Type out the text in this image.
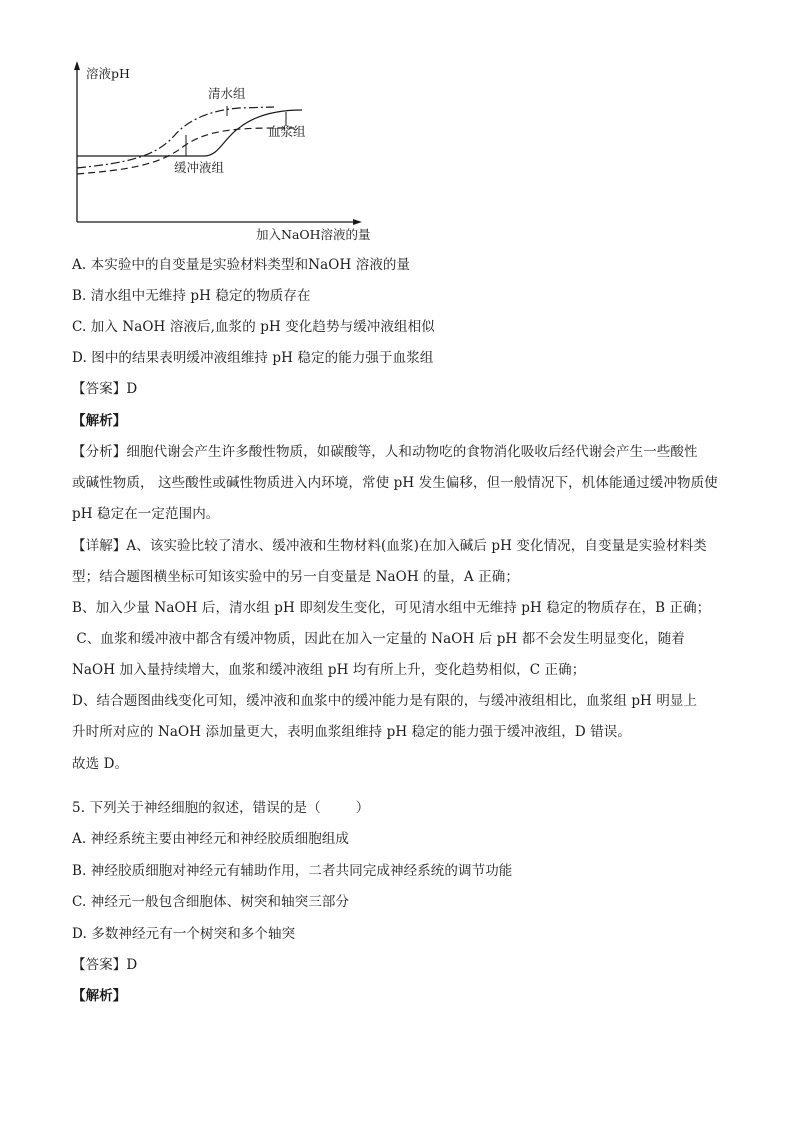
溶液pH
清水组
血浆组
缓冲液组
加入NaOH溶液的量
A. 本实验中的自变量是实验材料类型和NaOH 溶液的量
B. 清水组中无维持 pH 稳定的物质存在
C. 加入 NaOH 溶液后,血浆的 pH 变化趋势与缓冲液组相似
D. 图中的结果表明缓冲液组维持 pH 稳定的能力强于血浆组
【答案】D
【解析】
【分析】细胞代谢会产生许多酸性物质，如碳酸等，人和动物吃的食物消化吸收后经代谢会产生一些酸性
或碱性物质， 这些酸性或碱性物质进入内环境，常使 pH 发生偏移，但一般情况下，机体能通过缓冲物质使
pH 稳定在一定范围内。
【详解】A、该实验比较了清水、缓冲液和生物材料(血浆)在加入碱后 pH 变化情况，自变量是实验材料类
型；结合题图横坐标可知该实验中的另一自变量是 NaOH 的量，A 正确；
B、加入少量 NaOH 后，清水组 pH 即刻发生变化，可见清水组中无维持 pH 稳定的物质存在，B 正确；
C、血浆和缓冲液中都含有缓冲物质，因此在加入一定量的 NaOH 后 pH 都不会发生明显变化，随着
NaOH 加入量持续增大，血浆和缓冲液组 pH 均有所上升，变化趋势相似，C 正确；
D、结合题图曲线变化可知，缓冲液和血浆中的缓冲能力是有限的，与缓冲液组相比，血浆组 pH 明显上
升时所对应的 NaOH 添加量更大，表明血浆组维持 pH 稳定的能力强于缓冲液组，D 错误。
故选 D。
5. 下列关于神经细胞的叙述，错误的是（        ）
A. 神经系统主要由神经元和神经胶质细胞组成
B. 神经胶质细胞对神经元有辅助作用，二者共同完成神经系统的调节功能
C. 神经元一般包含细胞体、树突和轴突三部分
D. 多数神经元有一个树突和多个轴突
【答案】D
【解析】
